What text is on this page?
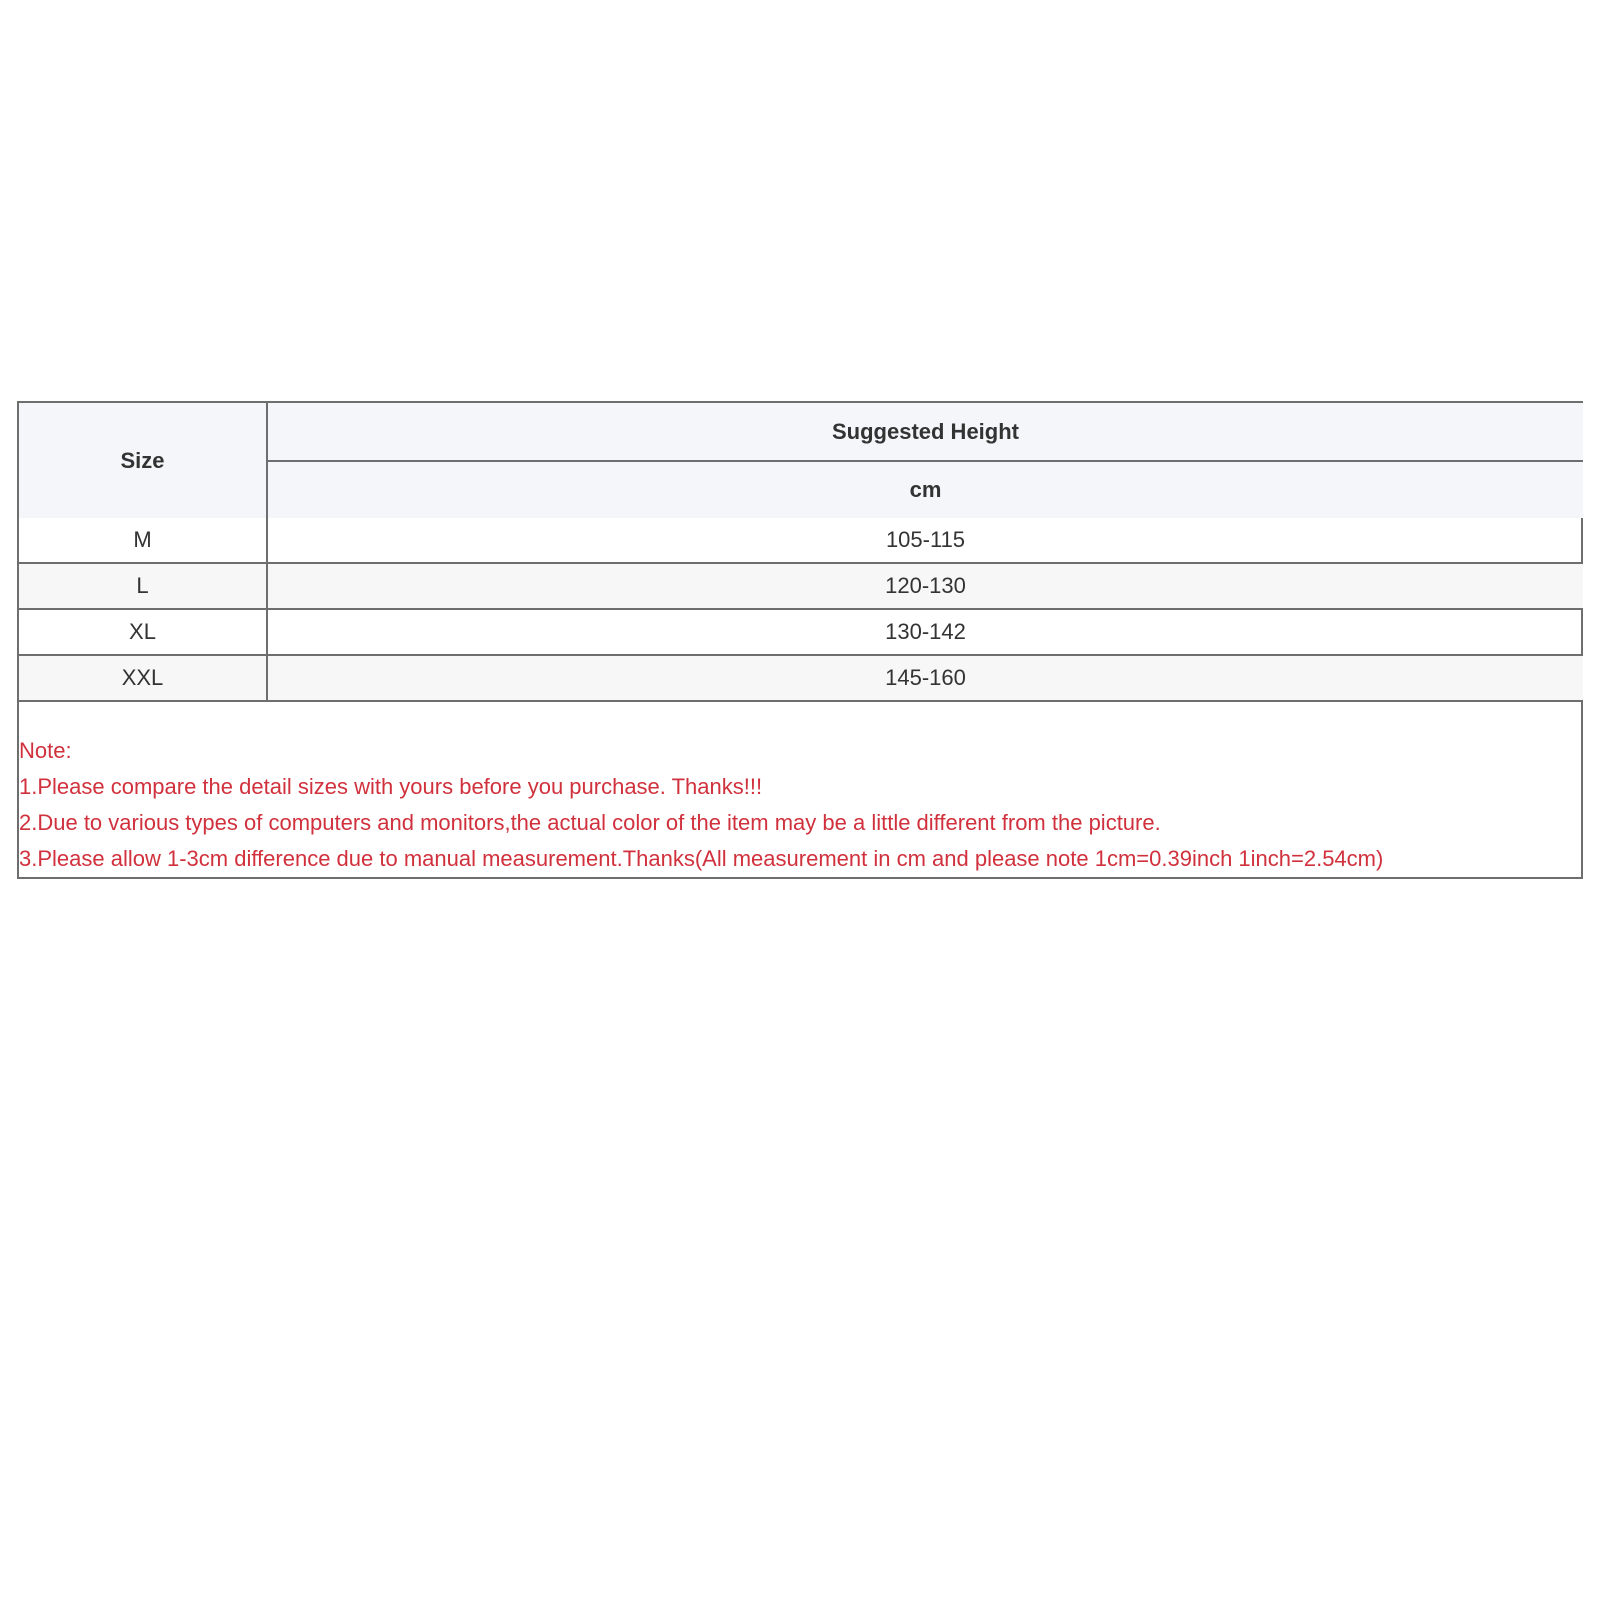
Size	Suggested Height
	cm
M	105-115
L	120-130
XL	130-142
XXL	145-160
Note:
1.Please compare the detail sizes with yours before you purchase. Thanks!!!
2.Due to various types of computers and monitors,the actual color of the item may be a little different from the picture.
3.Please allow 1-3cm difference due to manual measurement.Thanks(All measurement in cm and please note 1cm=0.39inch 1inch=2.54cm)
